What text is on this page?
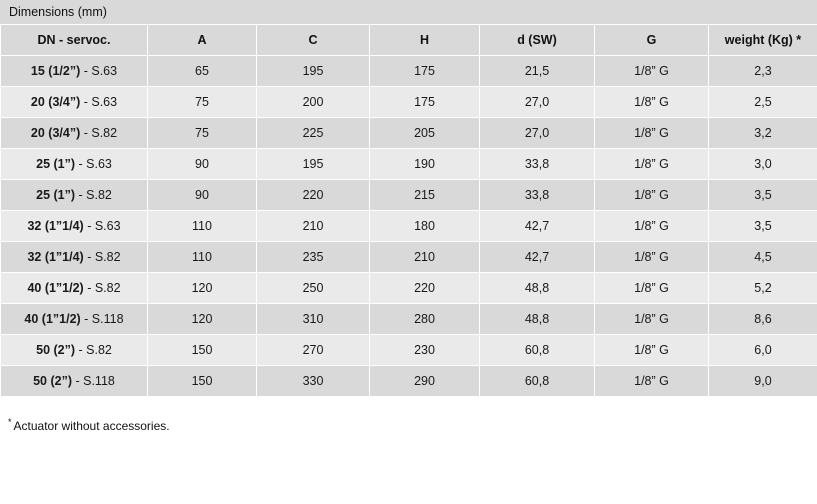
Dimensions (mm)
DN - servoc.	A	C	H	d (SW)	G	weight (Kg) *
15 (1/2”) - S.63	65	195	175	21,5	1/8” G	2,3
20 (3/4”) - S.63	75	200	175	27,0	1/8” G	2,5
20 (3/4”) - S.82	75	225	205	27,0	1/8” G	3,2
25 (1”) - S.63	90	195	190	33,8	1/8” G	3,0
25 (1”) - S.82	90	220	215	33,8	1/8” G	3,5
32 (1”1/4) - S.63	110	210	180	42,7	1/8” G	3,5
32 (1”1/4) - S.82	110	235	210	42,7	1/8” G	4,5
40 (1”1/2) - S.82	120	250	220	48,8	1/8” G	5,2
40 (1”1/2) - S.118	120	310	280	48,8	1/8” G	8,6
50 (2”) - S.82	150	270	230	60,8	1/8” G	6,0
50 (2”) - S.118	150	330	290	60,8	1/8” G	9,0
* Actuator without accessories.
